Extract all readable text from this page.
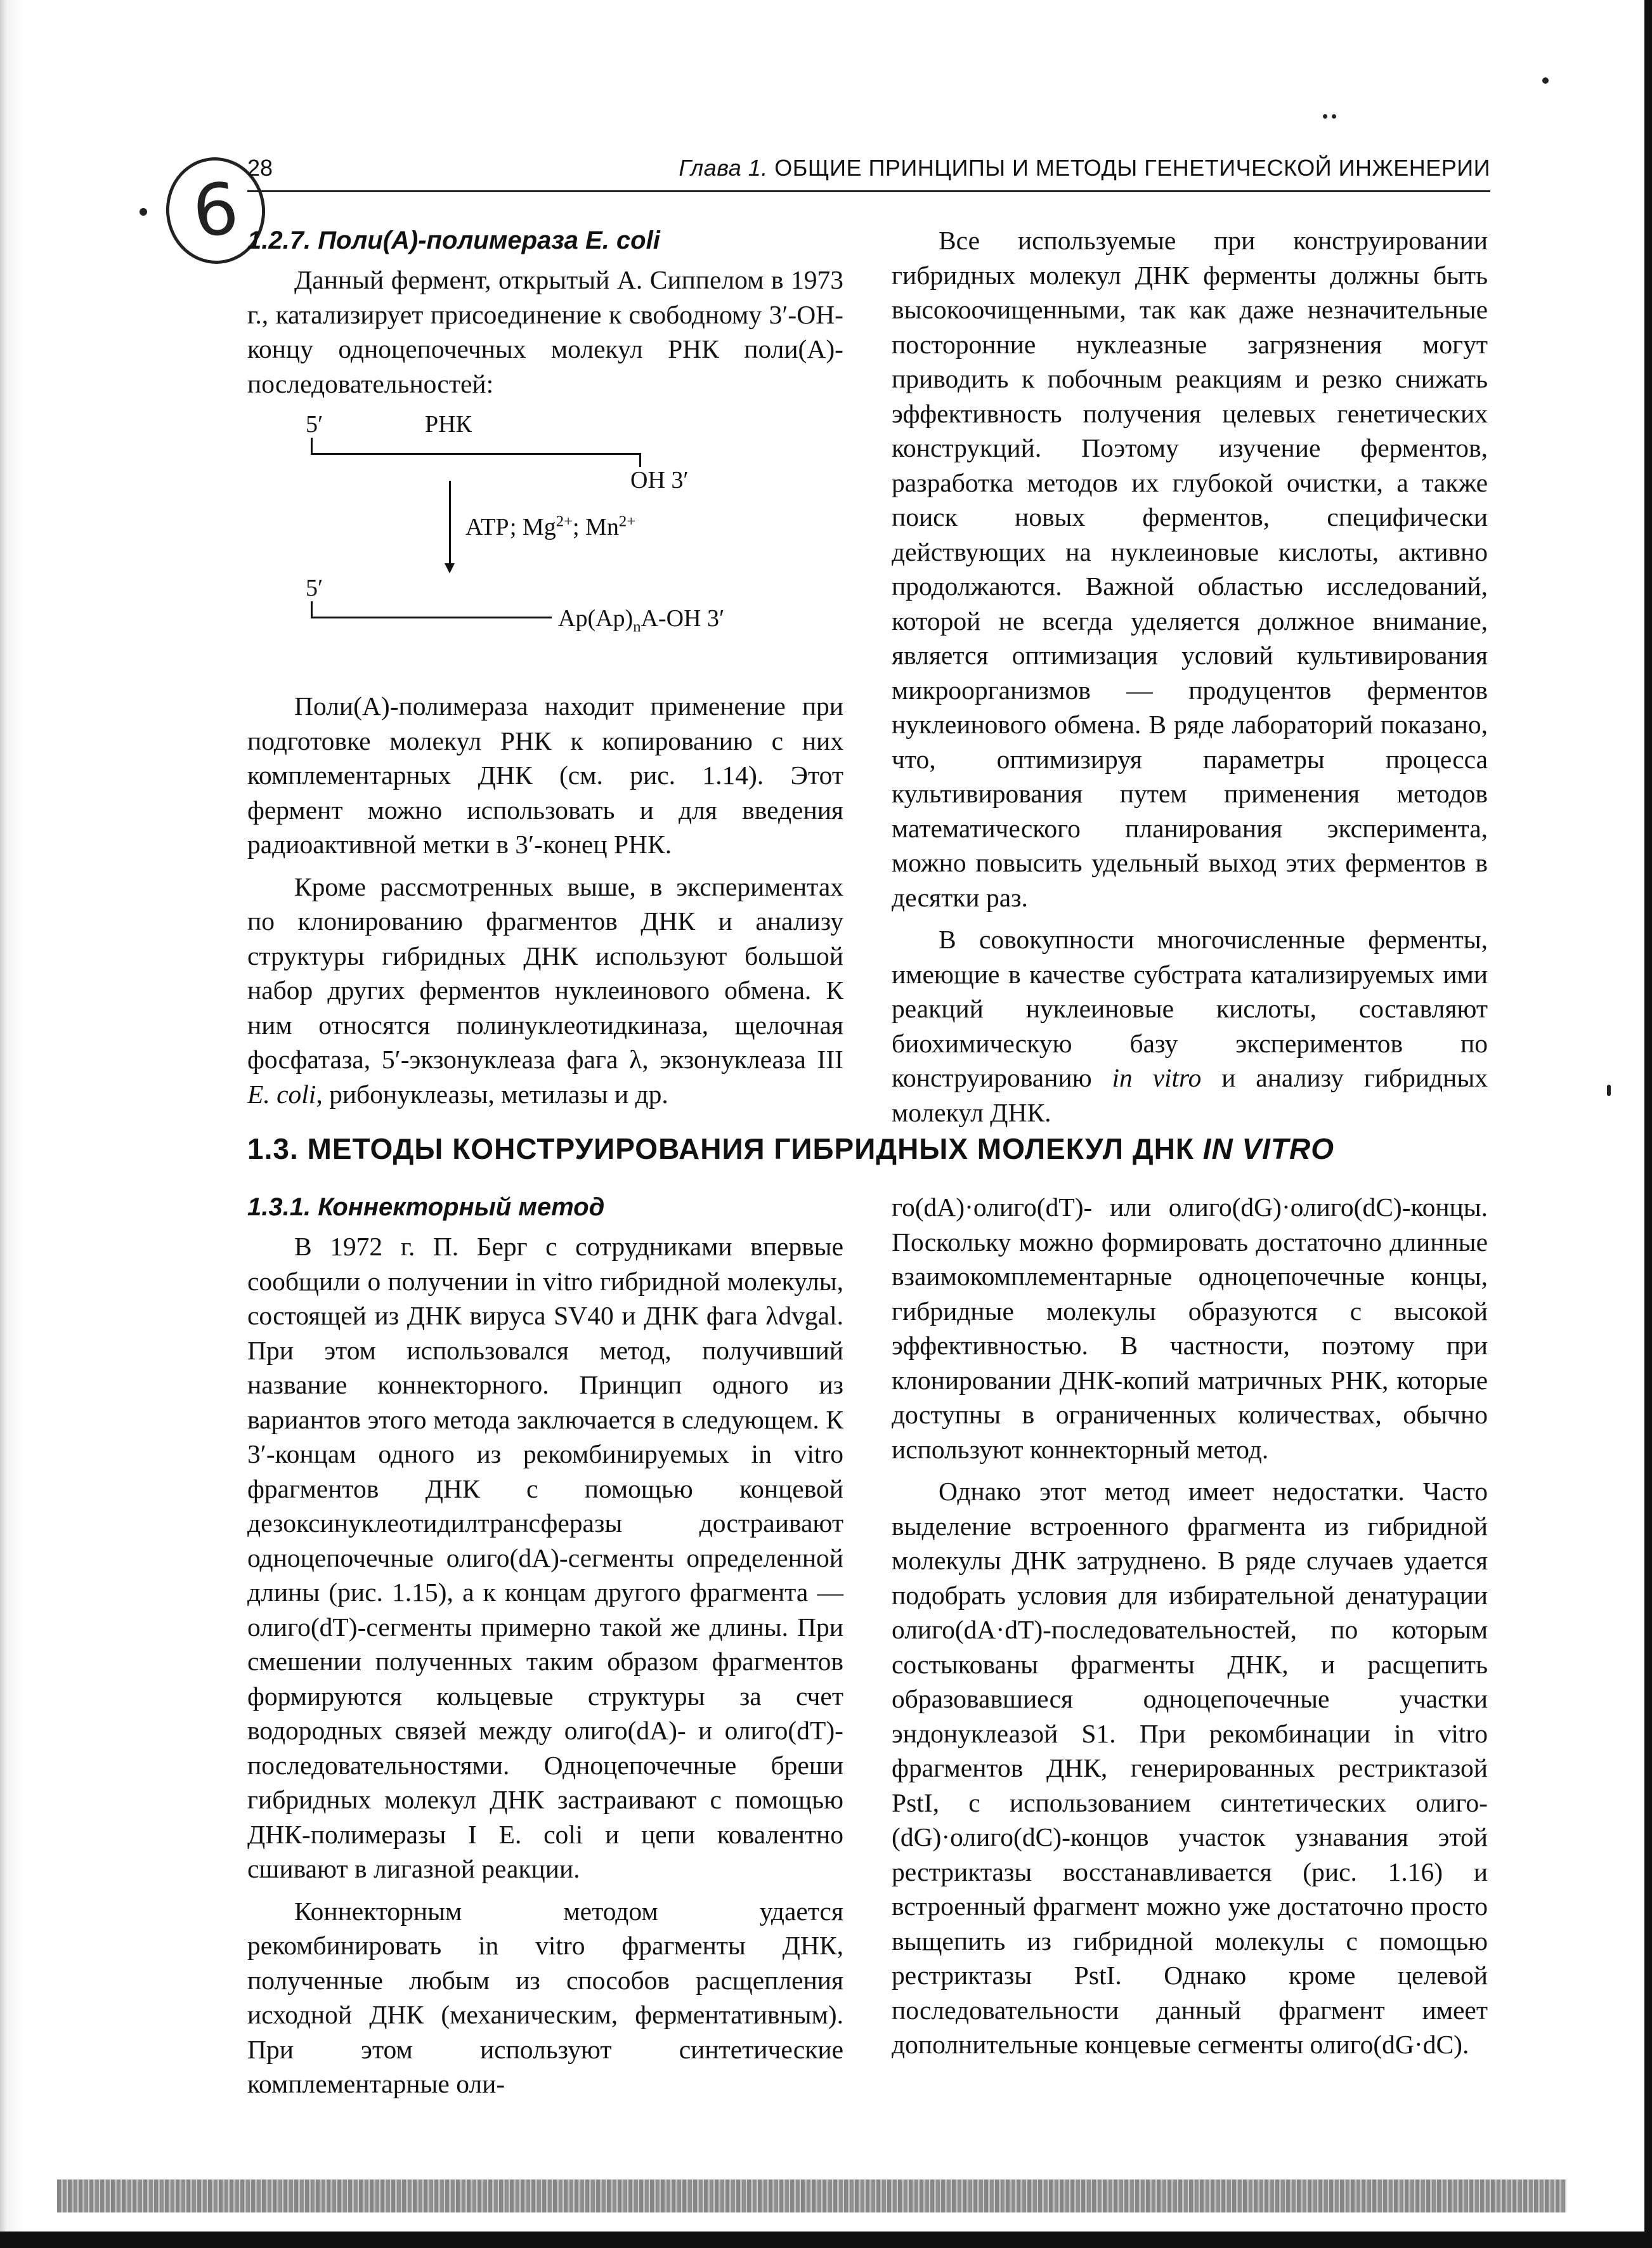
6 28	Глава 1. ОБЩИЕ ПРИНЦИПЫ И МЕТОДЫ ГЕНЕТИЧЕСКОЙ ИНЖЕНЕРИИ
1.2.7. Поли(А)-полимераза E. coli

Данный фермент, открытый А. Сиппелом в 1973 г., катализирует присоединение к свободному 3′-ОН-концу одноцепочечных молекул РНК поли(А)-последовательностей:

5′	РНК
ОН 3′
АТР; $Mg^{2+}$; $Mn^{2+}$
5′
$Ap(Ap)_nA-OH$ 3′

Поли(А)-полимераза находит применение при подготовке молекул РНК к копированию с них комплементарных ДНК (см. рис. 1.14). Этот фермент можно использовать и для введения радиоактивной метки в 3′-конец РНК.

Кроме рассмотренных выше, в экспериментах по клонированию фрагментов ДНК и анализу структуры гибридных ДНК используют большой набор других ферментов нуклеинового обмена. К ним относятся полинуклеотидкиназа, щелочная фосфатаза, 5′-экзонуклеаза фага λ, экзонуклеаза III E. coli, рибонуклеазы, метилазы и др.

Все используемые при конструировании гибридных молекул ДНК ферменты должны быть высокоочищенными, так как даже незначительные посторонние нуклеазные загрязнения могут приводить к побочным реакциям и резко снижать эффективность получения целевых генетических конструкций. Поэтому изучение ферментов, разработка методов их глубокой очистки, а также поиск новых ферментов, специфически действующих на нуклеиновые кислоты, активно продолжаются. Важной областью исследований, которой не всегда уделяется должное внимание, является оптимизация условий культивирования микроорганизмов — продуцентов ферментов нуклеинового обмена. В ряде лабораторий показано, что, оптимизируя параметры процесса культивирования путем применения методов математического планирования эксперимента, можно повысить удельный выход этих ферментов в десятки раз.

В совокупности многочисленные ферменты, имеющие в качестве субстрата катализируемых ими реакций нуклеиновые кислоты, составляют биохимическую базу экспериментов по конструированию in vitro и анализу гибридных молекул ДНК.

1.3. МЕТОДЫ КОНСТРУИРОВАНИЯ ГИБРИДНЫХ МОЛЕКУЛ ДНК IN VITRO
1.3.1. Коннекторный метод

В 1972 г. П. Берг с сотрудниками впервые сообщили о получении in vitro гибридной молекулы, состоящей из ДНК вируса SV40 и ДНК фага λdvgal. При этом использовался метод, получивший название коннекторного. Принцип одного из вариантов этого метода заключается в следующем. К 3′-концам одного из рекомбинируемых in vitro фрагментов ДНК с помощью концевой дезоксинуклеотидилтрансферазы достраивают одноцепочечные олиго(dA)-сегменты определенной длины (рис. 1.15), а к концам другого фрагмента — олиго(dT)-сегменты примерно такой же длины. При смешении полученных таким образом фрагментов формируются кольцевые структуры за счет водородных связей между олиго(dA)- и олиго(dT)-последовательностями. Одноцепочечные бреши гибридных молекул ДНК застраивают с помощью ДНК-полимеразы I E. coli и цепи ковалентно сшивают в лигазной реакции.

Коннекторным методом удается рекомбинировать in vitro фрагменты ДНК, полученные любым из способов расщепления исходной ДНК (механическим, ферментативным). При этом используют синтетические комплементарные оли-

го(dA)·олиго(dT)- или олиго(dG)·олиго(dC)-концы. Поскольку можно формировать достаточно длинные взаимокомплементарные одноцепочечные концы, гибридные молекулы образуются с высокой эффективностью. В частности, поэтому при клонировании ДНК-копий матричных РНК, которые доступны в ограниченных количествах, обычно используют коннекторный метод.

Однако этот метод имеет недостатки. Часто выделение встроенного фрагмента из гибридной молекулы ДНК затруднено. В ряде случаев удается подобрать условия для избирательной денатурации олиго(dA·dT)-последовательностей, по которым состыкованы фрагменты ДНК, и расщепить образовавшиеся одноцепочечные участки эндонуклеазой S1. При рекомбинации in vitro фрагментов ДНК, генерированных рестриктазой PstI, с использованием синтетических олиго-(dG)·олиго(dC)-концов участок узнавания этой рестриктазы восстанавливается (рис. 1.16) и встроенный фрагмент можно уже достаточно просто выщепить из гибридной молекулы с помощью рестриктазы PstI. Однако кроме целевой последовательности данный фрагмент имеет дополнительные концевые сегменты олиго(dG·dC).
